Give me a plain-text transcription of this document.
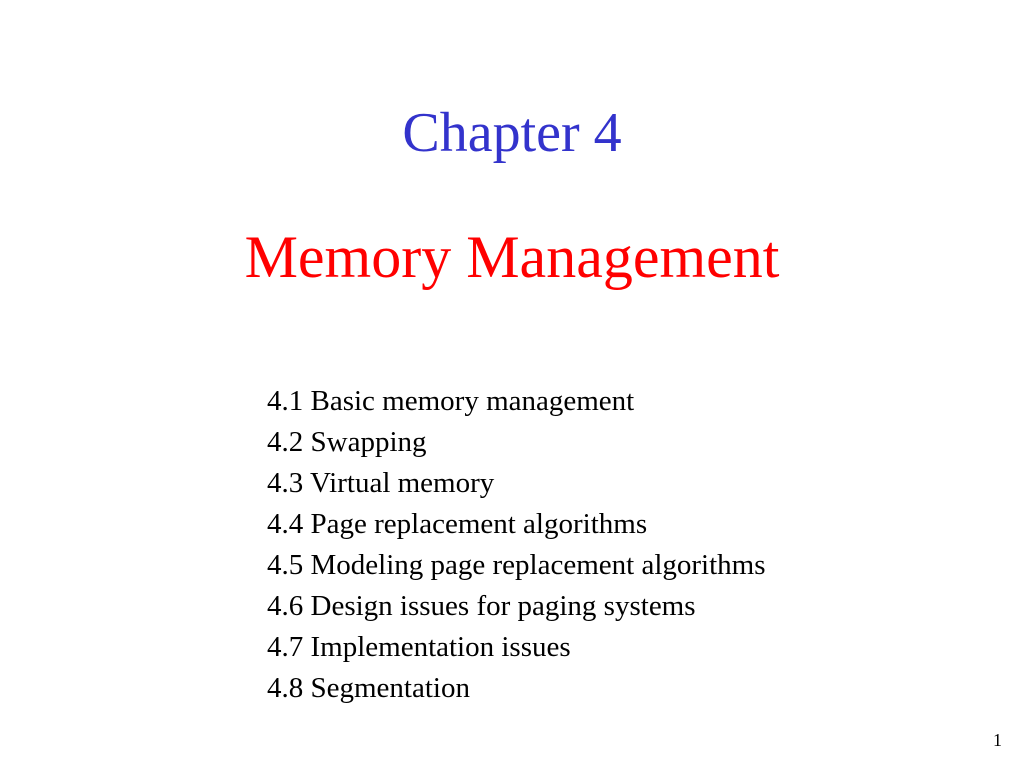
Chapter 4
Memory Management
4.1 Basic memory management
4.2 Swapping
4.3 Virtual memory
4.4 Page replacement algorithms
4.5 Modeling page replacement algorithms
4.6 Design issues for paging systems
4.7 Implementation issues
4.8 Segmentation
1
